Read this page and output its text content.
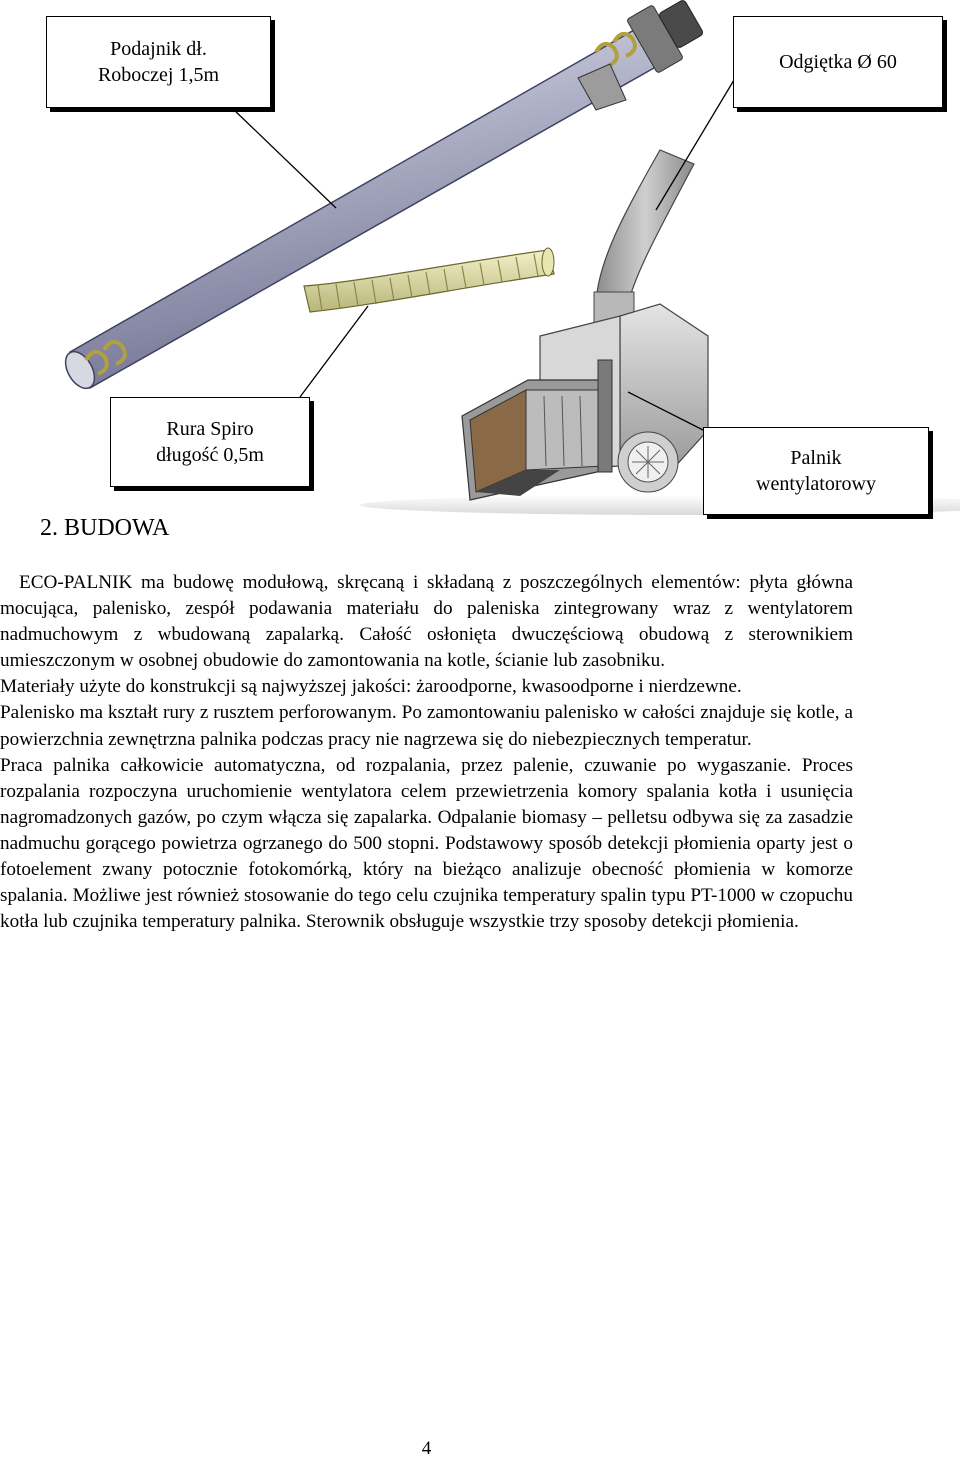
Podajnik dł.
Roboczej 1,5m
Odgiętka Ø 60
Rura Spiro
długość 0,5m	Palnik
wentylatorowy
2. BUDOWA

ECO-PALNIK ma budowę modułową, skręcaną i składaną z poszczególnych elementów: płyta główna mocująca, palenisko, zespół podawania materiału do paleniska zintegrowany wraz z wentylatorem nadmuchowym z wbudowaną zapalarką. Całość osłonięta dwuczęściową obudową z sterownikiem umieszczonym w osobnej obudowie do zamontowania na kotle, ścianie lub zasobniku.

Materiały użyte do konstrukcji są najwyższej jakości: żaroodporne, kwasoodporne i nierdzewne.

Palenisko ma kształt rury z rusztem perforowanym. Po zamontowaniu palenisko w całości znajduje się kotle, a powierzchnia zewnętrzna palnika podczas pracy nie nagrzewa się do niebezpiecznych temperatur.

Praca palnika całkowicie automatyczna, od rozpalania, przez palenie, czuwanie po wygaszanie. Proces rozpalania rozpoczyna uruchomienie wentylatora celem przewietrzenia komory spalania kotła i usunięcia nagromadzonych gazów, po czym włącza się zapalarka. Odpalanie biomasy – pelletsu odbywa się za zasadzie nadmuchu gorącego powietrza ogrzanego do 500 stopni. Podstawowy sposób detekcji płomienia oparty jest o fotoelement zwany potocznie fotokomórką, który na bieżąco analizuje obecność płomienia w komorze spalania. Możliwe jest również stosowanie do tego celu czujnika temperatury spalin typu PT-1000 w czopuchu kotła lub czujnika temperatury palnika. Sterownik obsługuje wszystkie trzy sposoby detekcji płomienia.

4
